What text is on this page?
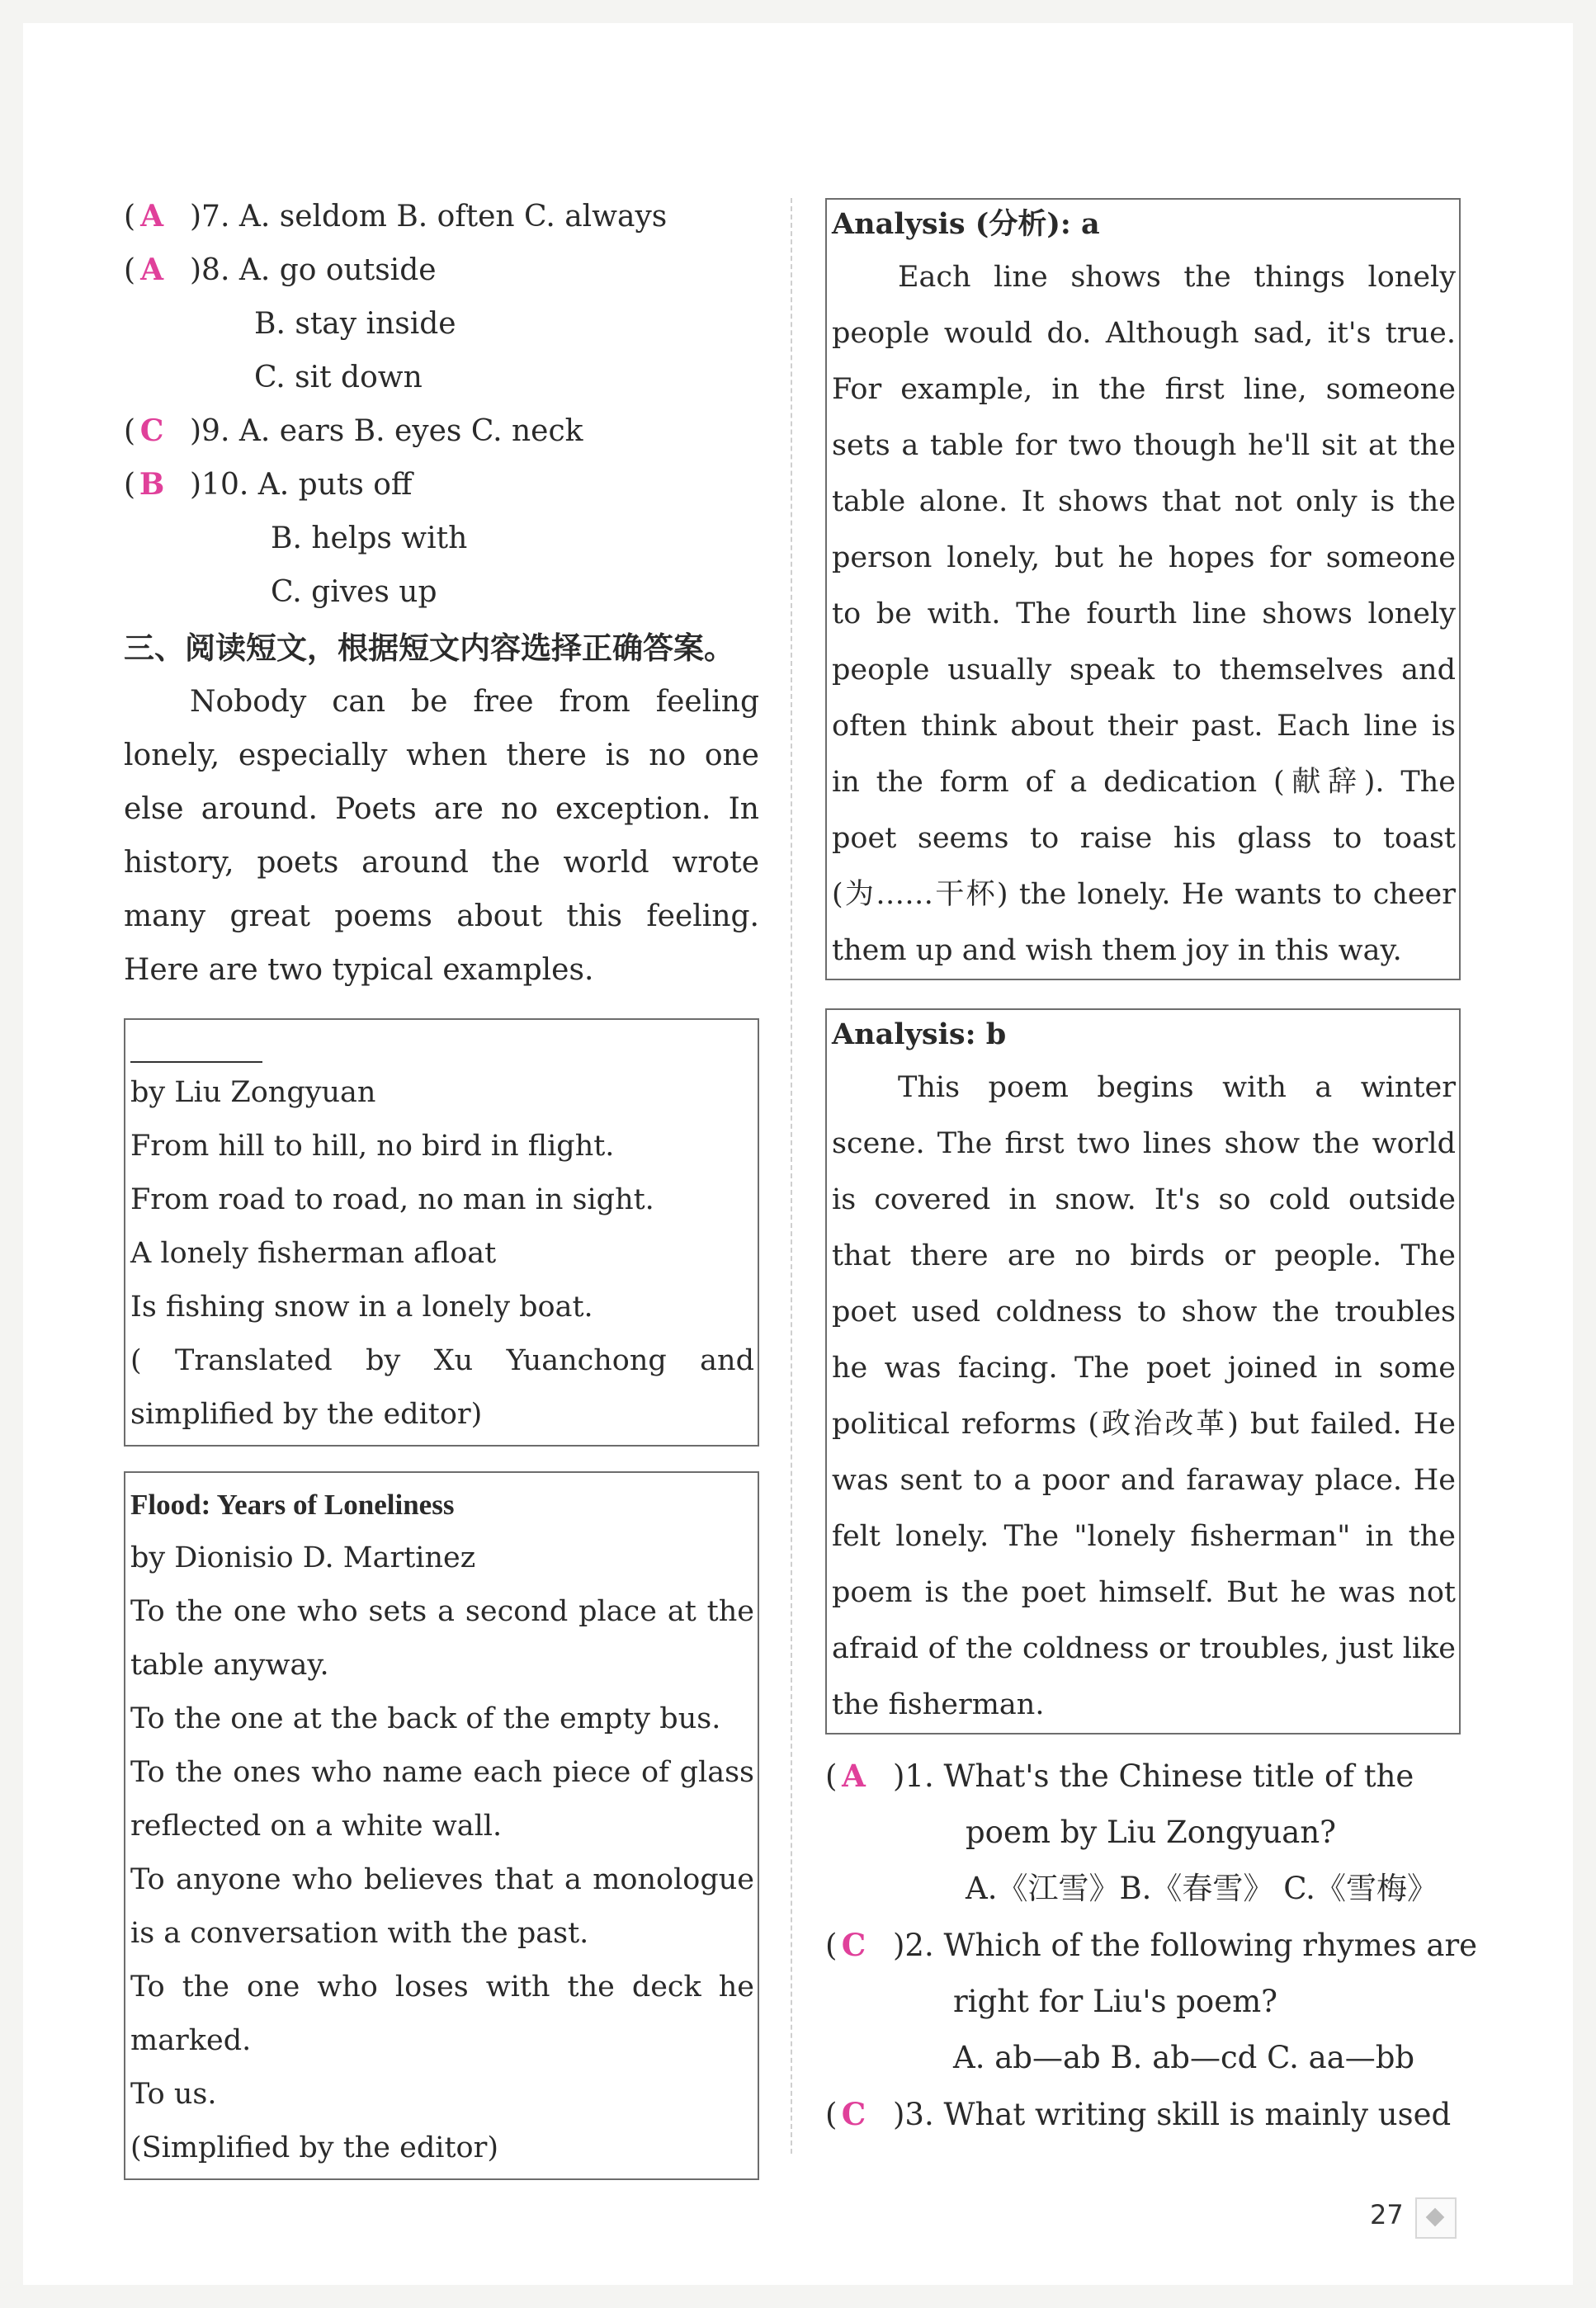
( A )7. A. seldom B. often C. always
( A )8. A. go outside
B. stay inside
C. sit down
( C )9. A. ears B. eyes C. neck
( B )10. A. puts off
B. helps with
C. gives up
三、阅读短文，根据短文内容选择正确答案。
Nobody can be free from feeling lonely, especially when there is no one else around. Poets are no exception. In history, poets around the world wrote many great poems about this feeling. Here are two typical examples.
by Liu Zongyuan
From hill to hill, no bird in flight.
From road to road, no man in sight.
A lonely fisherman afloat
Is fishing snow in a lonely boat.
( Translated by Xu Yuanchong and simplified by the editor)
Flood: Years of Loneliness
by Dionisio D. Martinez
To the one who sets a second place at the table anyway.
To the one at the back of the empty bus.
To the ones who name each piece of glass reflected on a white wall.
To anyone who believes that a monologue is a conversation with the past.
To the one who loses with the deck he marked.
To us.
(Simplified by the editor)
Analysis (分析): a
Each line shows the things lonely people would do. Although sad, it's true. For example, in the first line, someone sets a table for two though he'll sit at the table alone. It shows that not only is the person lonely, but he hopes for someone to be with. The fourth line shows lonely people usually speak to themselves and often think about their past. Each line is in the form of a dedication (献辞). The poet seems to raise his glass to toast (为……干杯) the lonely. He wants to cheer them up and wish them joy in this way.
Analysis: b
This poem begins with a winter scene. The first two lines show the world is covered in snow. It's so cold outside that there are no birds or people. The poet used coldness to show the troubles he was facing. The poet joined in some political reforms (政治改革) but failed. He was sent to a poor and faraway place. He felt lonely. The "lonely fisherman" in the poem is the poet himself. But he was not afraid of the coldness or troubles, just like the fisherman.
( A )1. What's the Chinese title of the
poem by Liu Zongyuan?
A.《江雪》B.《春雪》 C.《雪梅》
( C )2. Which of the following rhymes are
right for Liu's poem?
A. ab—ab B. ab—cd C. aa—bb
( C )3. What writing skill is mainly used
27
